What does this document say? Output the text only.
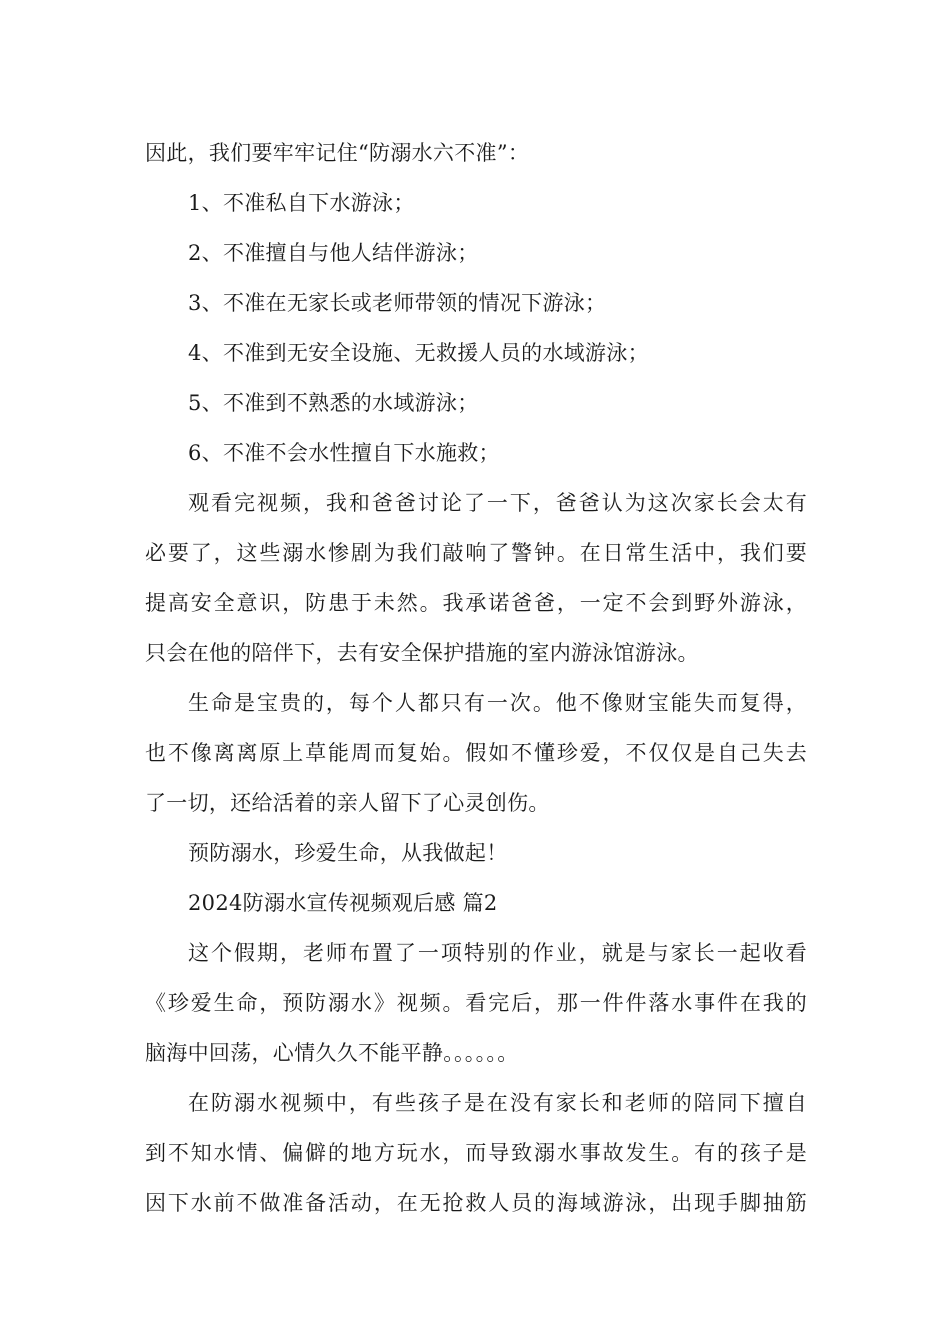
因此，我们要牢牢记住“防溺水六不准”：
1、不准私自下水游泳；
2、不准擅自与他人结伴游泳；
3、不准在无家长或老师带领的情况下游泳；
4、不准到无安全设施、无救援人员的水域游泳；
5、不准到不熟悉的水域游泳；
6、不准不会水性擅自下水施救；
观看完视频，我和爸爸讨论了一下，爸爸认为这次家长会太有
必要了，这些溺水惨剧为我们敲响了警钟。在日常生活中，我们要
提高安全意识，防患于未然。我承诺爸爸，一定不会到野外游泳，
只会在他的陪伴下，去有安全保护措施的室内游泳馆游泳。
生命是宝贵的，每个人都只有一次。他不像财宝能失而复得，
也不像离离原上草能周而复始。假如不懂珍爱，不仅仅是自己失去
了一切，还给活着的亲人留下了心灵创伤。
预防溺水，珍爱生命，从我做起！
2024防溺水宣传视频观后感 篇2
这个假期，老师布置了一项特别的作业，就是与家长一起收看
《珍爱生命，预防溺水》视频。看完后，那一件件落水事件在我的
脑海中回荡，心情久久不能平静。。。。。。
在防溺水视频中，有些孩子是在没有家长和老师的陪同下擅自
到不知水情、偏僻的地方玩水，而导致溺水事故发生。有的孩子是
因下水前不做准备活动，在无抢救人员的海域游泳，出现手脚抽筋
